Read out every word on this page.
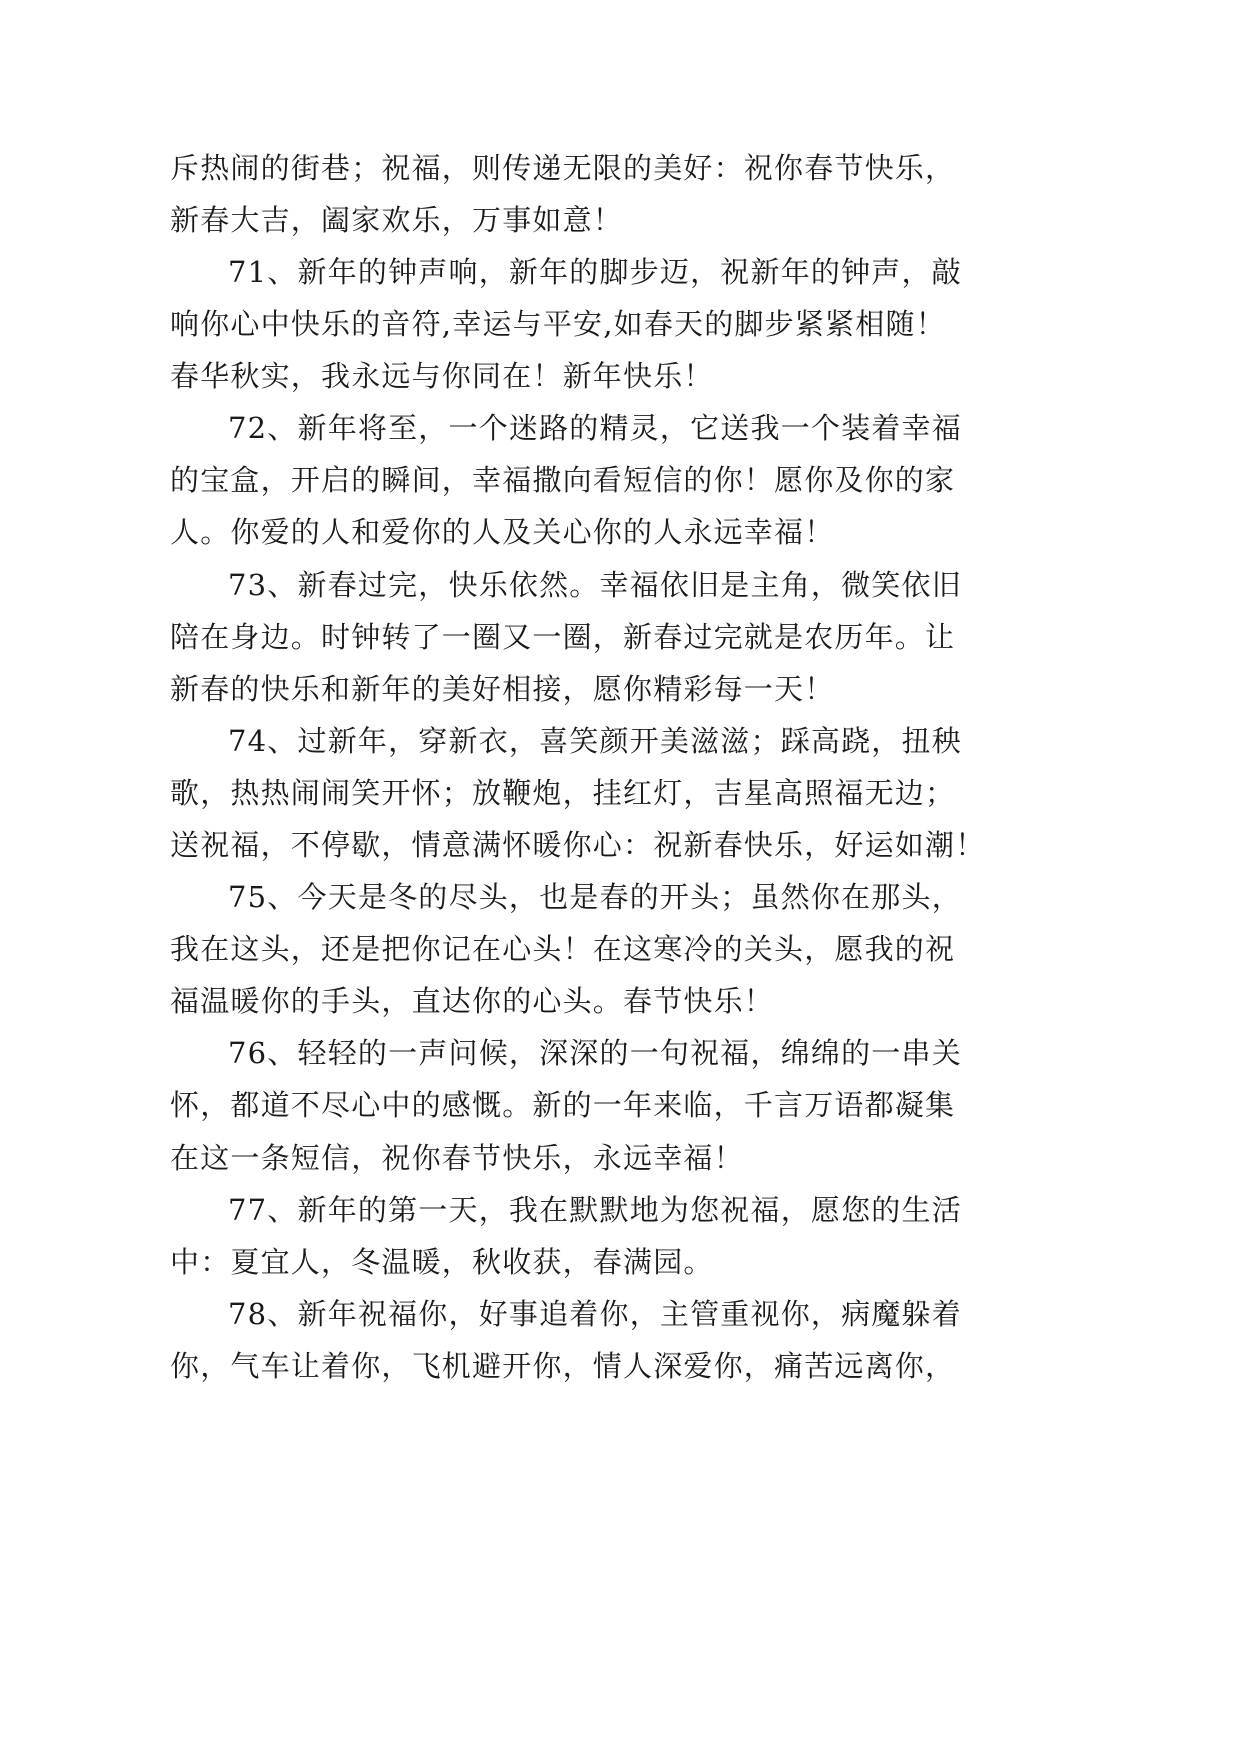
斥热闹的街巷；祝福，则传递无限的美好：祝你春节快乐，
新春大吉，阖家欢乐，万事如意！
71、新年的钟声响，新年的脚步迈，祝新年的钟声，敲
响你心中快乐的音符,幸运与平安,如春天的脚步紧紧相随！
春华秋实，我永远与你同在！新年快乐！
72、新年将至，一个迷路的精灵，它送我一个装着幸福
的宝盒，开启的瞬间，幸福撒向看短信的你！愿你及你的家
人。你爱的人和爱你的人及关心你的人永远幸福！
73、新春过完，快乐依然。幸福依旧是主角，微笑依旧
陪在身边。时钟转了一圈又一圈，新春过完就是农历年。让
新春的快乐和新年的美好相接，愿你精彩每一天！
74、过新年，穿新衣，喜笑颜开美滋滋；踩高跷，扭秧
歌，热热闹闹笑开怀；放鞭炮，挂红灯，吉星高照福无边；
送祝福，不停歇，情意满怀暖你心：祝新春快乐，好运如潮！
75、今天是冬的尽头，也是春的开头；虽然你在那头，
我在这头，还是把你记在心头！在这寒冷的关头，愿我的祝
福温暖你的手头，直达你的心头。春节快乐！
76、轻轻的一声问候，深深的一句祝福，绵绵的一串关
怀，都道不尽心中的感慨。新的一年来临，千言万语都凝集
在这一条短信，祝你春节快乐，永远幸福！
77、新年的第一天，我在默默地为您祝福，愿您的生活
中：夏宜人，冬温暖，秋收获，春满园。
78、新年祝福你，好事追着你，主管重视你，病魔躲着
你，气车让着你，飞机避开你，情人深爱你，痛苦远离你，
